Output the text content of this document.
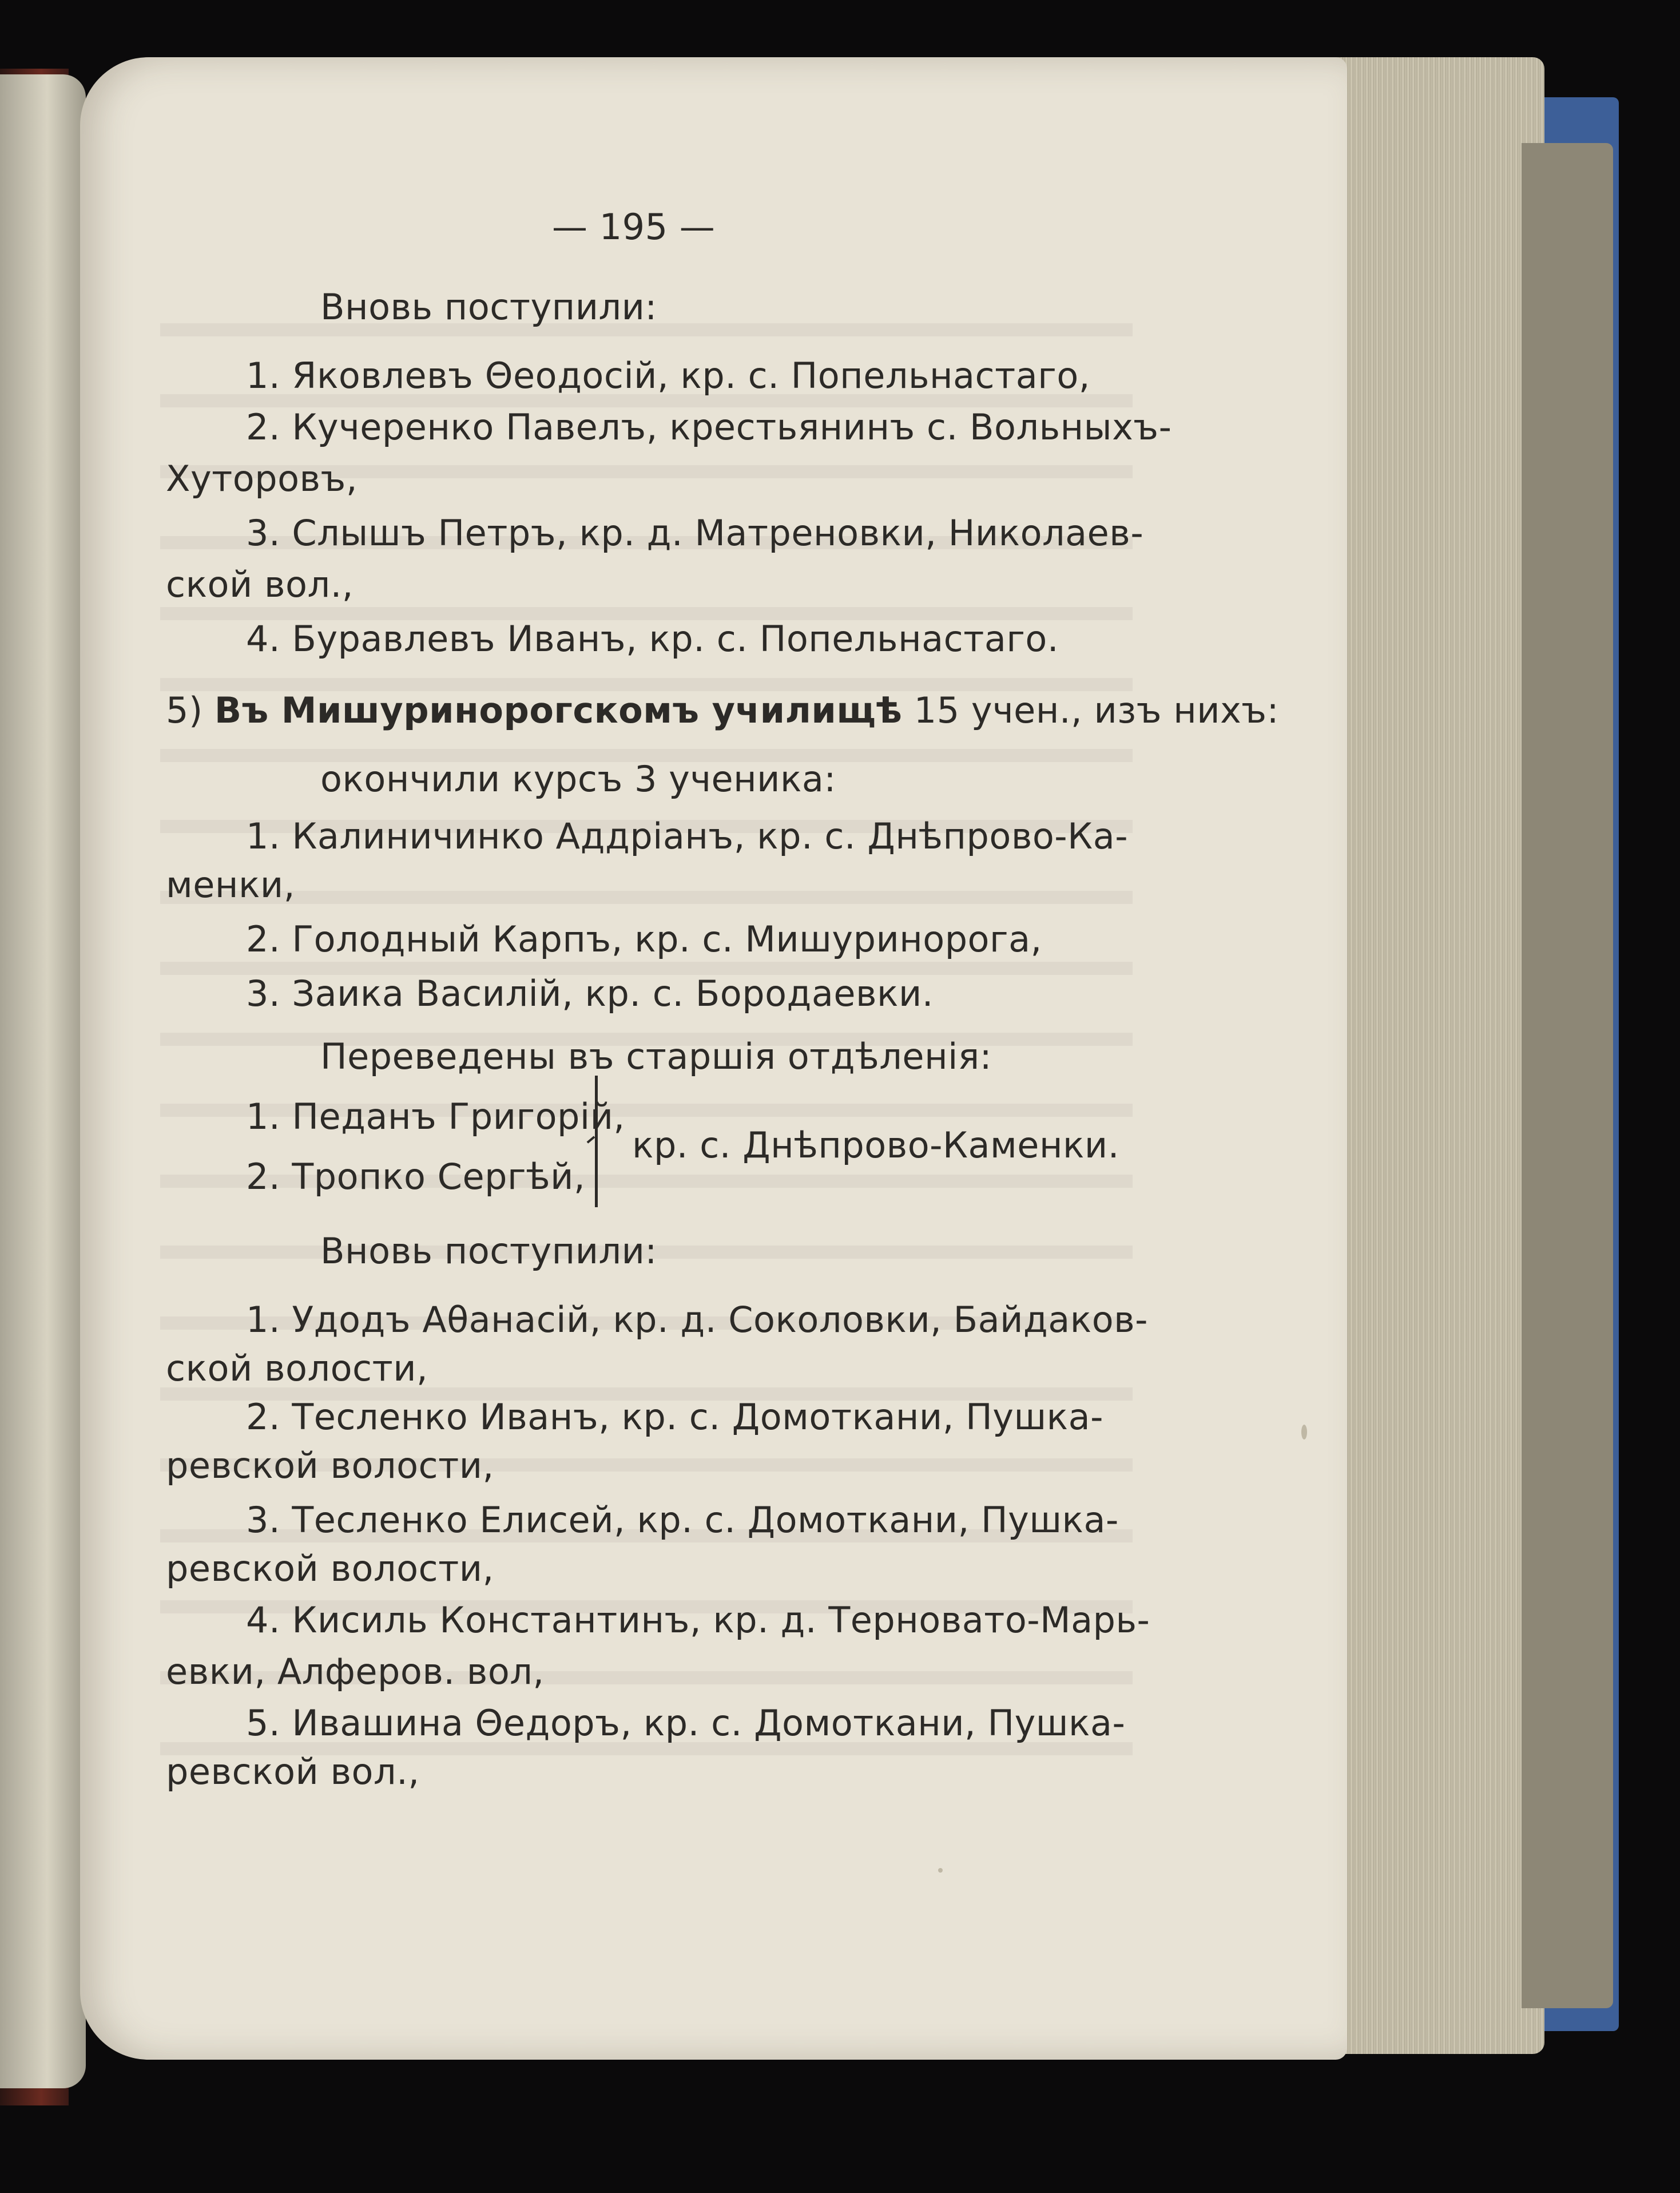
— 195 —
Вновь поступили:
1. Яковлевъ Θеодосій, кр. с. Попельнастаго,
2. Кучеренко Павелъ, крестьянинъ с. Вольныхъ-
Хуторовъ,
3. Слышъ Петръ, кр. д. Матреновки, Николаев-
ской вол.,
4. Буравлевъ Иванъ, кр. с. Попельнастаго.
5) Въ Мишуринорогскомъ училищѣ 15 учен., изъ нихъ:
окончили курсъ 3 ученика:
1. Калиничинко Аддріанъ, кр. с. Днѣпрово-Ка-
менки,
2. Голодный Карпъ, кр. с. Мишуринорога,
3. Заика Василій, кр. с. Бородаевки.
Переведены въ старшія отдѣленія:
1. Педанъ Григорій,
2. Тропко Сергѣй,
кр. с. Днѣпрово-Каменки.
Вновь поступили:
1. Удодъ Аθанасій, кр. д. Соколовки, Байдаков-
ской волости,
2. Тесленко Иванъ, кр. с. Домоткани, Пушка-
ревской волости,
3. Тесленко Елисей, кр. с. Домоткани, Пушка-
ревской волости,
4. Кисиль Константинъ, кр. д. Терновато-Марь-
евки, Алферов. вол,
5. Ивашина Θедоръ, кр. с. Домоткани, Пушка-
ревской вол.,
